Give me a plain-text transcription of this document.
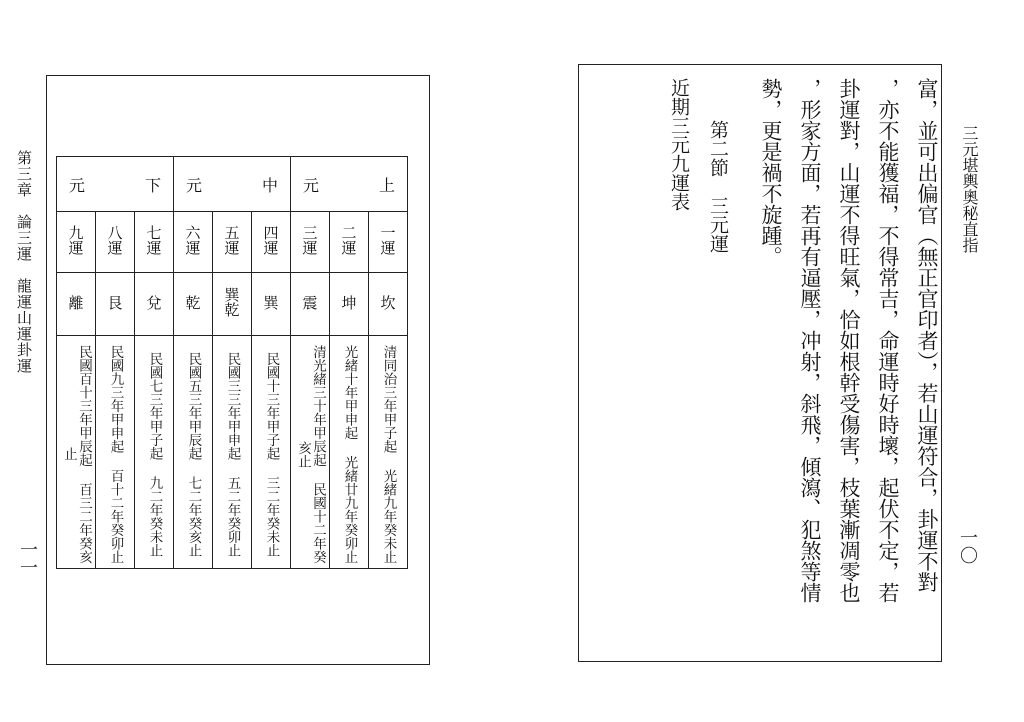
第三章　論三運　龍運山運卦運
一一
元 下			元 中			元 上		

九運	八運	七運	六運	五運	四運	三運	二運	一運
離	艮	兌	乾	巽乾	巽	震	坤	坎
民國百十三年甲辰起 百三二年癸亥止	民國九三年甲申起 百十二年癸卯止	民國七三年甲子起 九二年癸未止	民國五三年甲辰起 七二年癸亥止	民國三三年甲申起 五二年癸卯止	民國十三年甲子起 三二年癸未止	清光緒三十年甲辰起 民國十二年癸亥止	光緒十年甲申起 光緒廿九年癸卯止	清同治三年甲子起 光緒九年癸未止
三元堪輿奧秘直指
一〇
富，並可出偏官（無正官印者），若山運符合，卦運不對
，亦不能獲福，不得常吉，命運時好時壞，起伏不定，若
卦運對，山運不得旺氣，恰如根幹受傷害，枝葉漸凋零也
，形家方面，若再有逼壓，冲射，斜飛，傾瀉、犯煞等情
勢，更是禍不旋踵。
第二節　三元運
近期三元九運表
